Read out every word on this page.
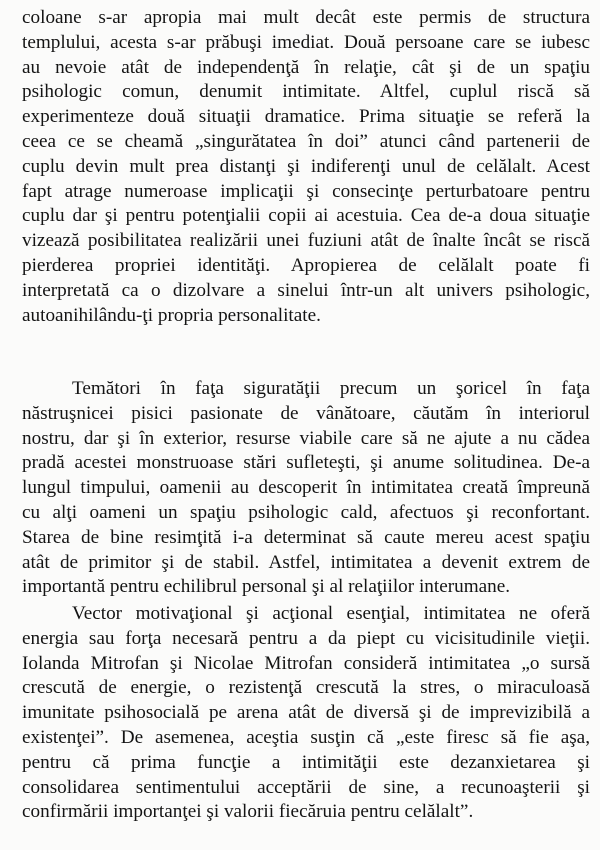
coloane s-ar apropia mai mult decât este permis de structura
templului, acesta s-ar prăbuşi imediat. Două persoane care se iubesc
au nevoie atât de independenţă în relaţie, cât şi de un spaţiu
psihologic comun, denumit intimitate. Altfel, cuplul riscă să
experimenteze două situaţii dramatice. Prima situaţie se referă la
ceea ce se cheamă „singurătatea în doi” atunci când partenerii de
cuplu devin mult prea distanţi şi indiferenţi unul de celălalt. Acest
fapt atrage numeroase implicaţii şi consecinţe perturbatoare pentru
cuplu dar şi pentru potenţialii copii ai acestuia. Cea de-a doua situaţie
vizează posibilitatea realizării unei fuziuni atât de înalte încât se riscă
pierderea propriei identităţi. Apropierea de celălalt poate fi
interpretată ca o dizolvare a sinelui într-un alt univers psihologic,
autoanihilându-ţi propria personalitate.
Temători în faţa siguratăţii precum un şoricel în faţa
năstruşnicei pisici pasionate de vânătoare, căutăm în interiorul
nostru, dar şi în exterior, resurse viabile care să ne ajute a nu cădea
pradă acestei monstruoase stări sufleteşti, şi anume solitudinea. De-a
lungul timpului, oamenii au descoperit în intimitatea creată împreună
cu alţi oameni un spaţiu psihologic cald, afectuos şi reconfortant.
Starea de bine resimţită i-a determinat să caute mereu acest spaţiu
atât de primitor şi de stabil. Astfel, intimitatea a devenit extrem de
importantă pentru echilibrul personal şi al relaţiilor interumane.
Vector motivaţional şi acţional esenţial, intimitatea ne oferă
energia sau forţa necesară pentru a da piept cu vicisitudinile vieţii.
Iolanda Mitrofan şi Nicolae Mitrofan consideră intimitatea „o sursă
crescută de energie, o rezistenţă crescută la stres, o miraculoasă
imunitate psihosocială pe arena atât de diversă şi de imprevizibilă a
existenţei”. De asemenea, aceştia susţin că „este firesc să fie aşa,
pentru că prima funcţie a intimităţii este dezanxietarea şi
consolidarea sentimentului acceptării de sine, a recunoaşterii şi
confirmării importanţei şi valorii fiecăruia pentru celălalt”.
